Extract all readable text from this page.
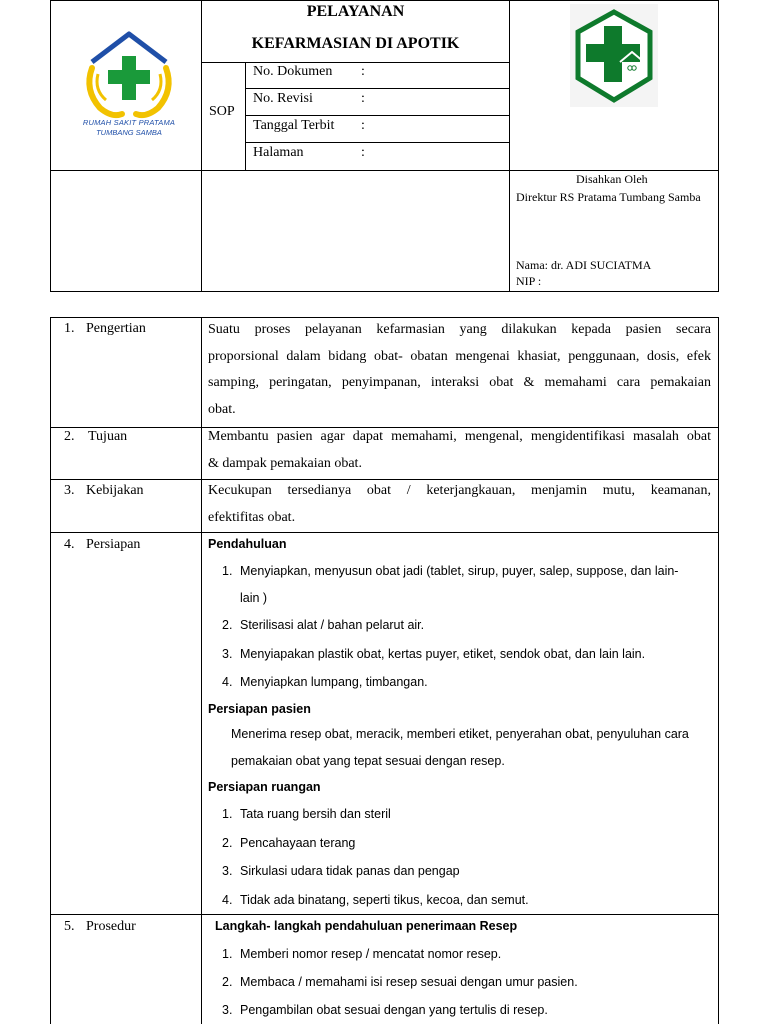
RUMAH SAKIT PRATAMA
TUMBANG SAMBA
PELAYANAN
KEFARMASIAN DI APOTIK
SOP
No. Dokumen :
No. Revisi	:
Tanggal Terbit :
Halaman	:
Disahkan Oleh
Direktur RS Pratama Tumbang Samba
Nama: dr. ADI SUCIATMA
NIP :
1. Pengertian	Suatu proses pelayanan kefarmasian yang dilakukan kepada pasien secara
proporsional dalam bidang obat- obatan mengenai khasiat, penggunaan, dosis, efek
samping, peringatan, penyimpanan, interaksi obat & memahami cara pemakaian
obat.
2. Tujuan	Membantu pasien agar dapat memahami, mengenal, mengidentifikasi masalah obat
& dampak pemakaian obat.
3. Kebijakan	Kecukupan tersedianya obat / keterjangkauan, menjamin mutu, keamanan,
efektifitas obat.
4. Persiapan	Pendahuluan
1. Menyiapkan, menyusun obat jadi (tablet, sirup, puyer, salep, suppose, dan lain-
lain )
2. Sterilisasi alat / bahan pelarut air.
3. Menyiapakan plastik obat, kertas puyer, etiket, sendok obat, dan lain lain.
4. Menyiapkan lumpang, timbangan.
Persiapan pasien
Menerima resep obat, meracik, memberi etiket, penyerahan obat, penyuluhan cara
pemakaian obat yang tepat sesuai dengan resep.
Persiapan ruangan
1. Tata ruang bersih dan steril
2. Pencahayaan terang
3. Sirkulasi udara tidak panas dan pengap
4. Tidak ada binatang, seperti tikus, kecoa, dan semut.
5. Prosedur	Langkah- langkah pendahuluan penerimaan Resep
1. Memberi nomor resep / mencatat nomor resep.
2. Membaca / memahami isi resep sesuai dengan umur pasien.
3. Pengambilan obat sesuai dengan yang tertulis di resep.
